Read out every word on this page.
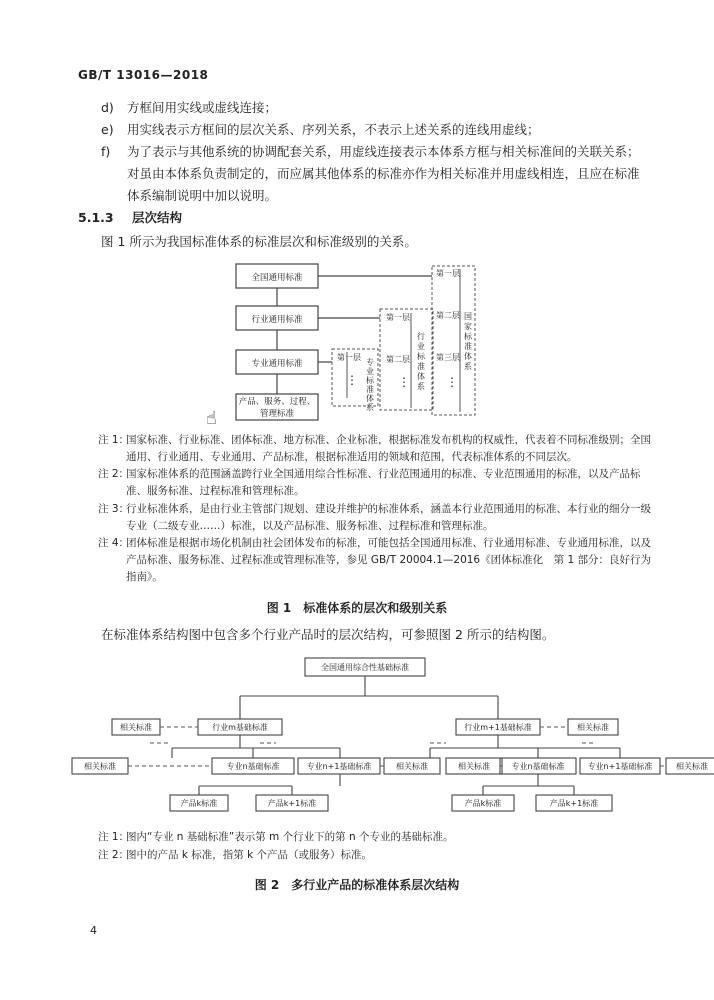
GB/T 13016—2018
d)	方框间用实线或虚线连接；
e)	用实线表示方框间的层次关系、序列关系，不表示上述关系的连线用虚线；
f)	为了表示与其他系统的协调配套关系，用虚线连接表示本体系方框与相关标准间的关联关系；对虽由本体系负责制定的，而应属其他体系的标准亦作为相关标准并用虚线相连，且应在标准体系编制说明中加以说明。
5.1.3 层次结构
图 1 所示为我国标准体系的标准层次和标准级别的关系。
全国通用标准
行业通用标准
专业通用标准
产品、服务、过程、
管理标准
第一层
第一层
第二层
第一层
第二层
第三层
⋮	⋮	⋮
专业标准体系	行业标准体系	国家标准体系
☝
注 1：
国家标准、行业标准、团体标准、地方标准、企业标准，根据标准发布机构的权威性，代表着不同标准级别；全国通用、行业通用、专业通用、产品标准，根据标准适用的领域和范围，代表标准体系的不同层次。
注 2：
国家标准体系的范围涵盖跨行业全国通用综合性标准、行业范围通用的标准、专业范围通用的标准，以及产品标准、服务标准、过程标准和管理标准。
注 3：
行业标准体系，是由行业主管部门规划、建设并维护的标准体系，涵盖本行业范围通用的标准、本行业的细分一级专业（二级专业……）标准，以及产品标准、服务标准、过程标准和管理标准。
注 4：
团体标准是根据市场化机制由社会团体发布的标准，可能包括全国通用标准、行业通用标准、专业通用标准，以及产品标准、服务标准、过程标准或管理标准等，参见 GB/T 20004.1—2016《团体标准化　第 1 部分：良好行为指南》。
图 1　标准体系的层次和级别关系
在标准体系结构图中包含多个行业产品时的层次结构，可参照图 2 所示的结构图。
全国通用综合性基础标准
相关标准	行业m基础标准	行业m+1基础标准	相关标准
相关标准	专业n基础标准	专业n+1基础标准	相关标准	相关标准	专业n基础标准	专业n+1基础标准	相关标准
产品k标准	产品k+1标准	产品k标准	产品k+1标准
注 1：
图内“专业 n 基础标准”表示第 m 个行业下的第 n 个专业的基础标准。
注 2：
图中的产品 k 标准，指第 k 个产品（或服务）标准。
图 2　多行业产品的标准体系层次结构
4
